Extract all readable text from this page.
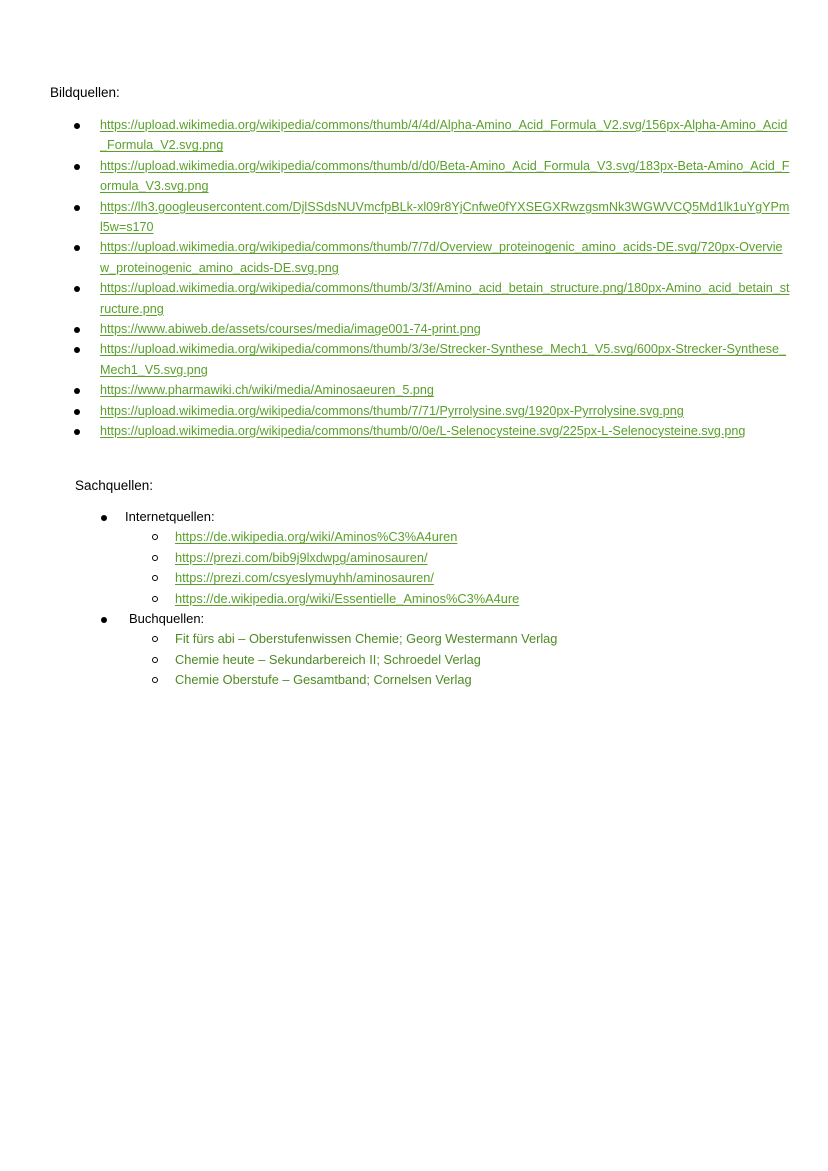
Bildquellen:
https://upload.wikimedia.org/wikipedia/commons/thumb/4/4d/Alpha-Amino_Acid_Formula_V2.svg/156px-Alpha-Amino_Acid_Formula_V2.svg.png
https://upload.wikimedia.org/wikipedia/commons/thumb/d/d0/Beta-Amino_Acid_Formula_V3.svg/183px-Beta-Amino_Acid_Formula_V3.svg.png
https://lh3.googleusercontent.com/DjlSSdsNUVmcfpBLk-xl09r8YjCnfwe0fYXSEGXRwzgsmNk3WGWVCQ5Md1lk1uYgYPml5w=s170
https://upload.wikimedia.org/wikipedia/commons/thumb/7/7d/Overview_proteinogenic_amino_acids-DE.svg/720px-Overview_proteinogenic_amino_acids-DE.svg.png
https://upload.wikimedia.org/wikipedia/commons/thumb/3/3f/Amino_acid_betain_structure.png/180px-Amino_acid_betain_structure.png
https://www.abiweb.de/assets/courses/media/image001-74-print.png
https://upload.wikimedia.org/wikipedia/commons/thumb/3/3e/Strecker-Synthese_Mech1_V5.svg/600px-Strecker-Synthese_Mech1_V5.svg.png
https://www.pharmawiki.ch/wiki/media/Aminosaeuren_5.png
https://upload.wikimedia.org/wikipedia/commons/thumb/7/71/Pyrrolysine.svg/1920px-Pyrrolysine.svg.png
https://upload.wikimedia.org/wikipedia/commons/thumb/0/0e/L-Selenocysteine.svg/225px-L-Selenocysteine.svg.png
Sachquellen:
Internetquellen:
https://de.wikipedia.org/wiki/Aminos%C3%A4uren
https://prezi.com/bib9j9lxdwpg/aminosauren/
https://prezi.com/csyeslymuyhh/aminosauren/
https://de.wikipedia.org/wiki/Essentielle_Aminos%C3%A4ure
Buchquellen:
Fit fürs abi – Oberstufenwissen Chemie; Georg Westermann Verlag
Chemie heute – Sekundarbereich II; Schroedel Verlag
Chemie Oberstufe – Gesamtband; Cornelsen Verlag
